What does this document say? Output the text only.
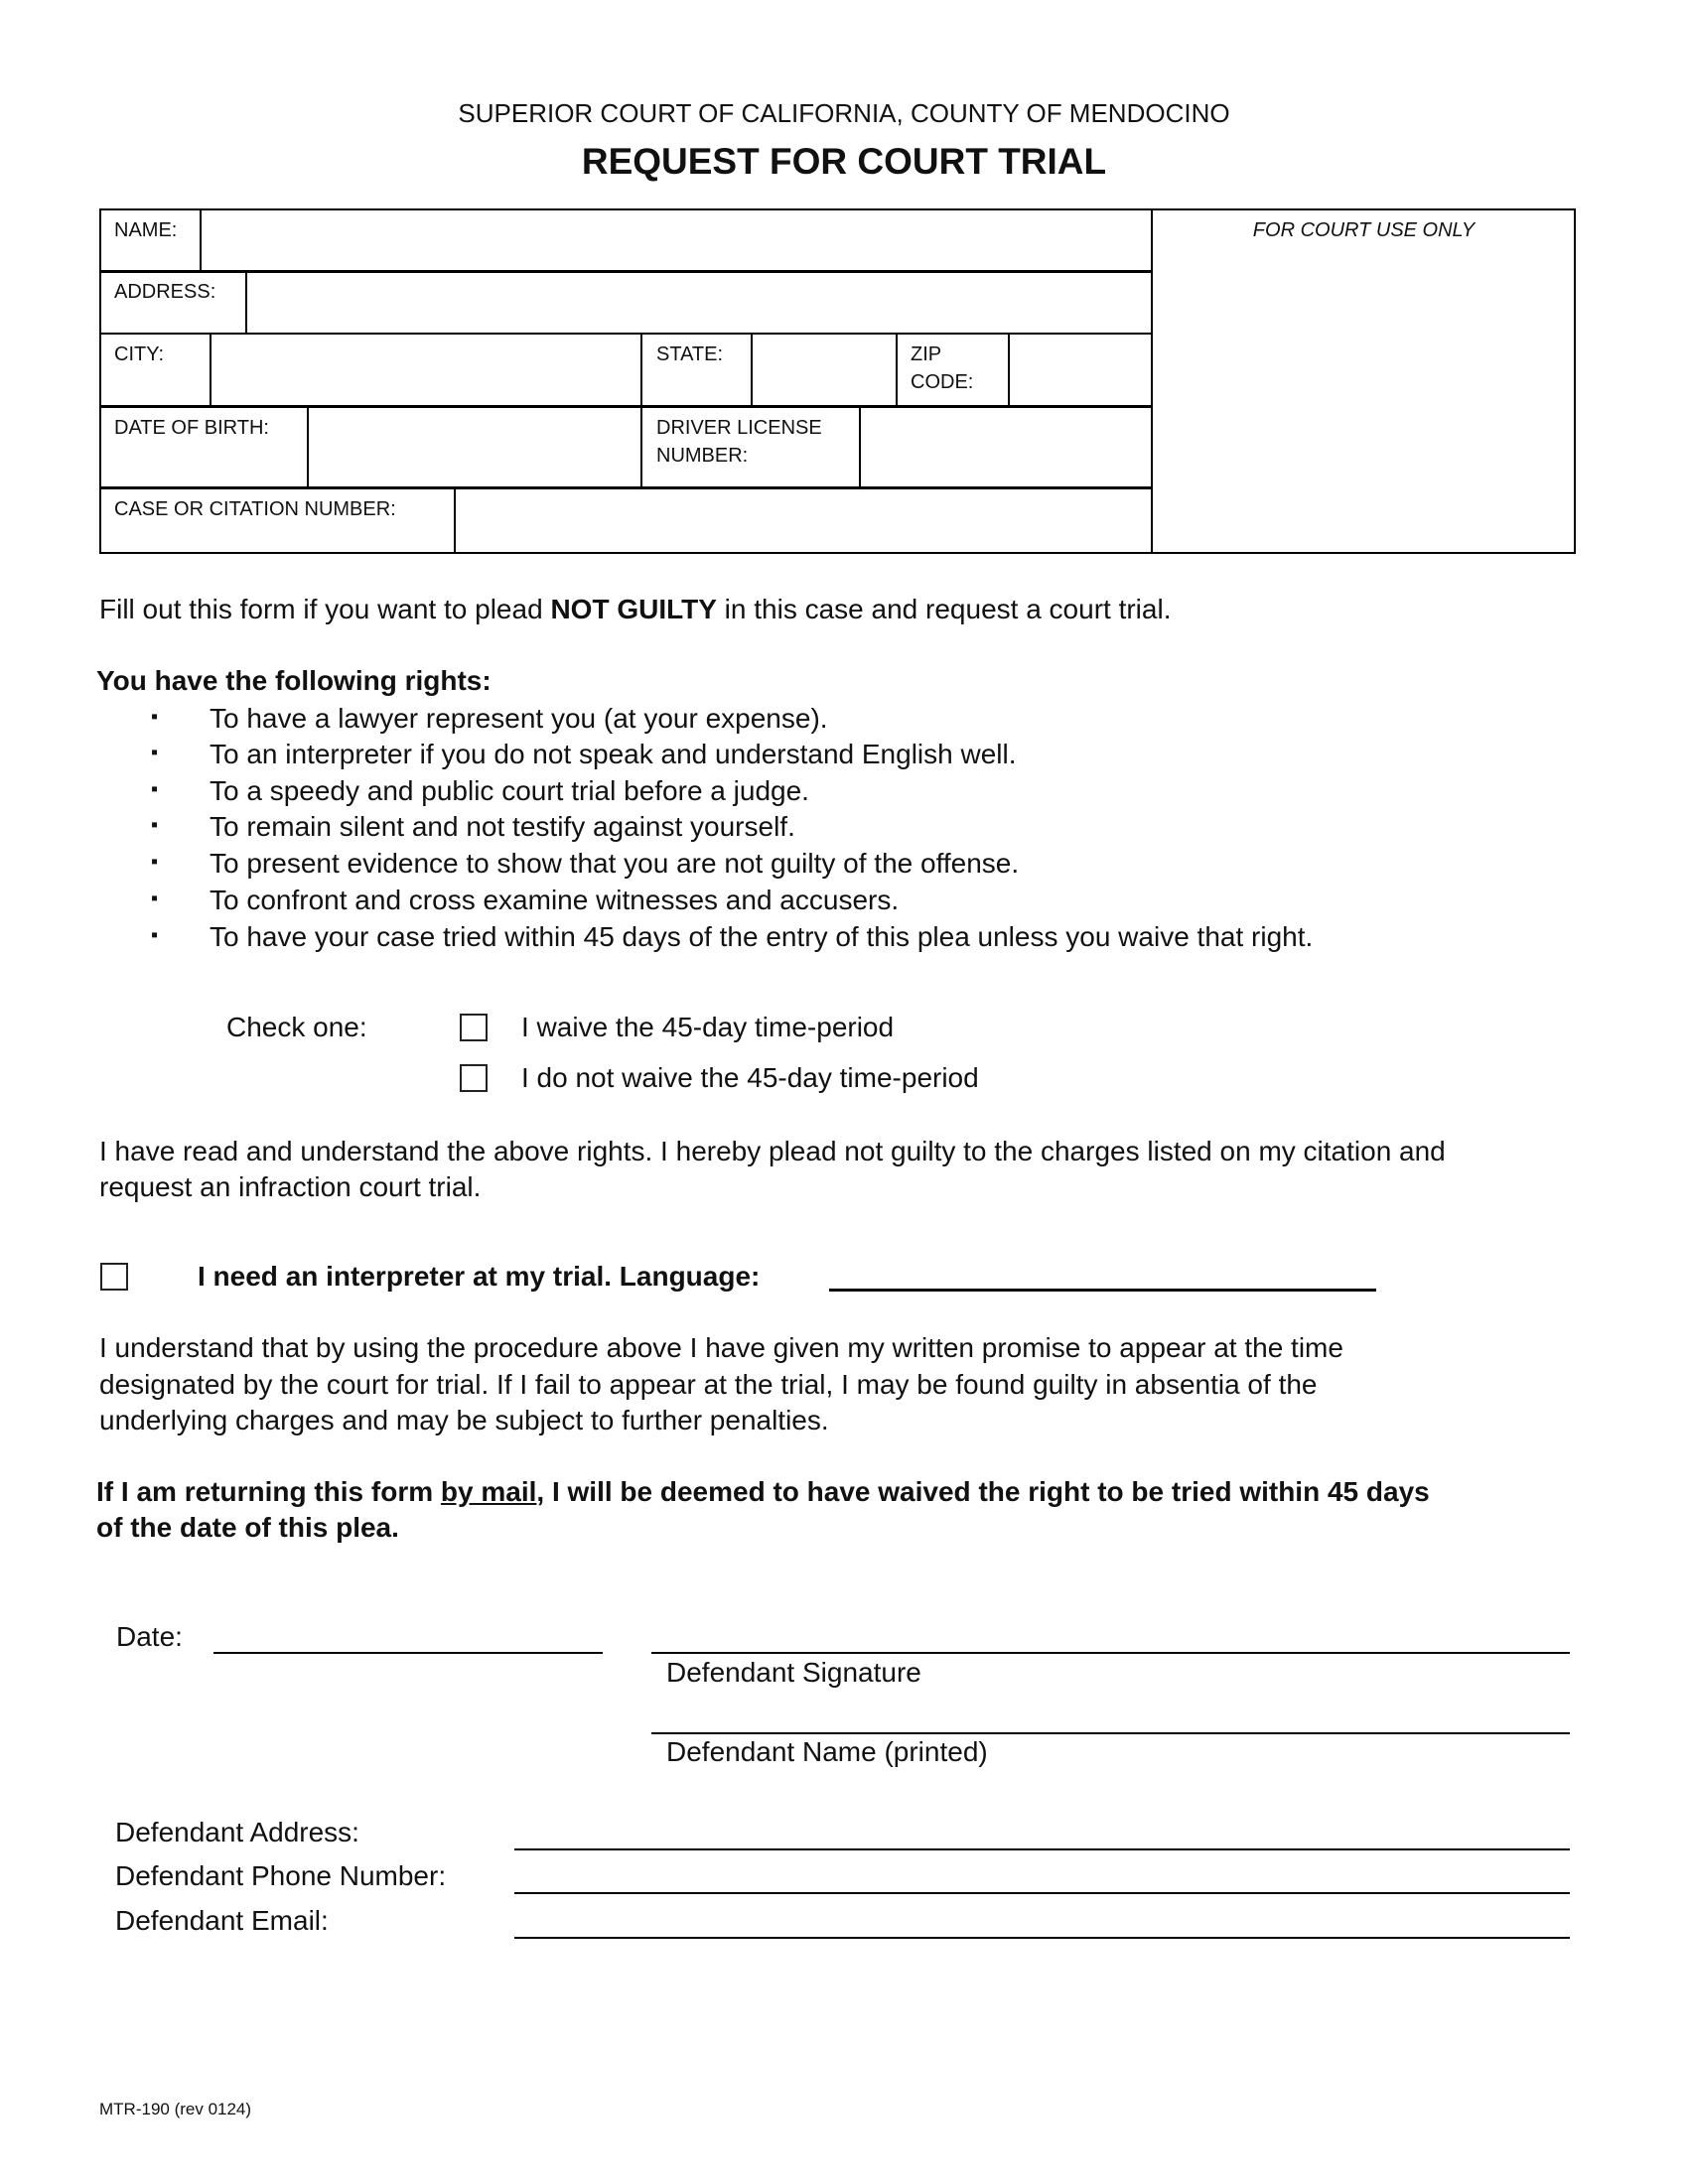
SUPERIOR COURT OF CALIFORNIA, COUNTY OF MENDOCINO
REQUEST FOR COURT TRIAL
NAME:
ADDRESS:
CITY:	STATE:	ZIP
CODE:
DATE OF BIRTH:	DRIVER LICENSE
NUMBER:
CASE OR CITATION NUMBER:
FOR COURT USE ONLY
Fill out this form if you want to plead NOT GUILTY in this case and request a court trial.
You have the following rights:
▪ To have a lawyer represent you (at your expense).
▪ To an interpreter if you do not speak and understand English well.
▪ To a speedy and public court trial before a judge.
▪ To remain silent and not testify against yourself.
▪ To present evidence to show that you are not guilty of the offense.
▪ To confront and cross examine witnesses and accusers.
▪ To have your case tried within 45 days of the entry of this plea unless you waive that right.
Check one:	I waive the 45-day time-period
I do not waive the 45-day time-period
I have read and understand the above rights. I hereby plead not guilty to the charges listed on my citation and
request an infraction court trial.
I need an interpreter at my trial. Language:
I understand that by using the procedure above I have given my written promise to appear at the time
designated by the court for trial. If I fail to appear at the trial, I may be found guilty in absentia of the
underlying charges and may be subject to further penalties.
If I am returning this form by mail, I will be deemed to have waived the right to be tried within 45 days
of the date of this plea.
Date:
Defendant Signature
Defendant Name (printed)
Defendant Address:
Defendant Phone Number:
Defendant Email:
MTR-190 (rev 0124)
